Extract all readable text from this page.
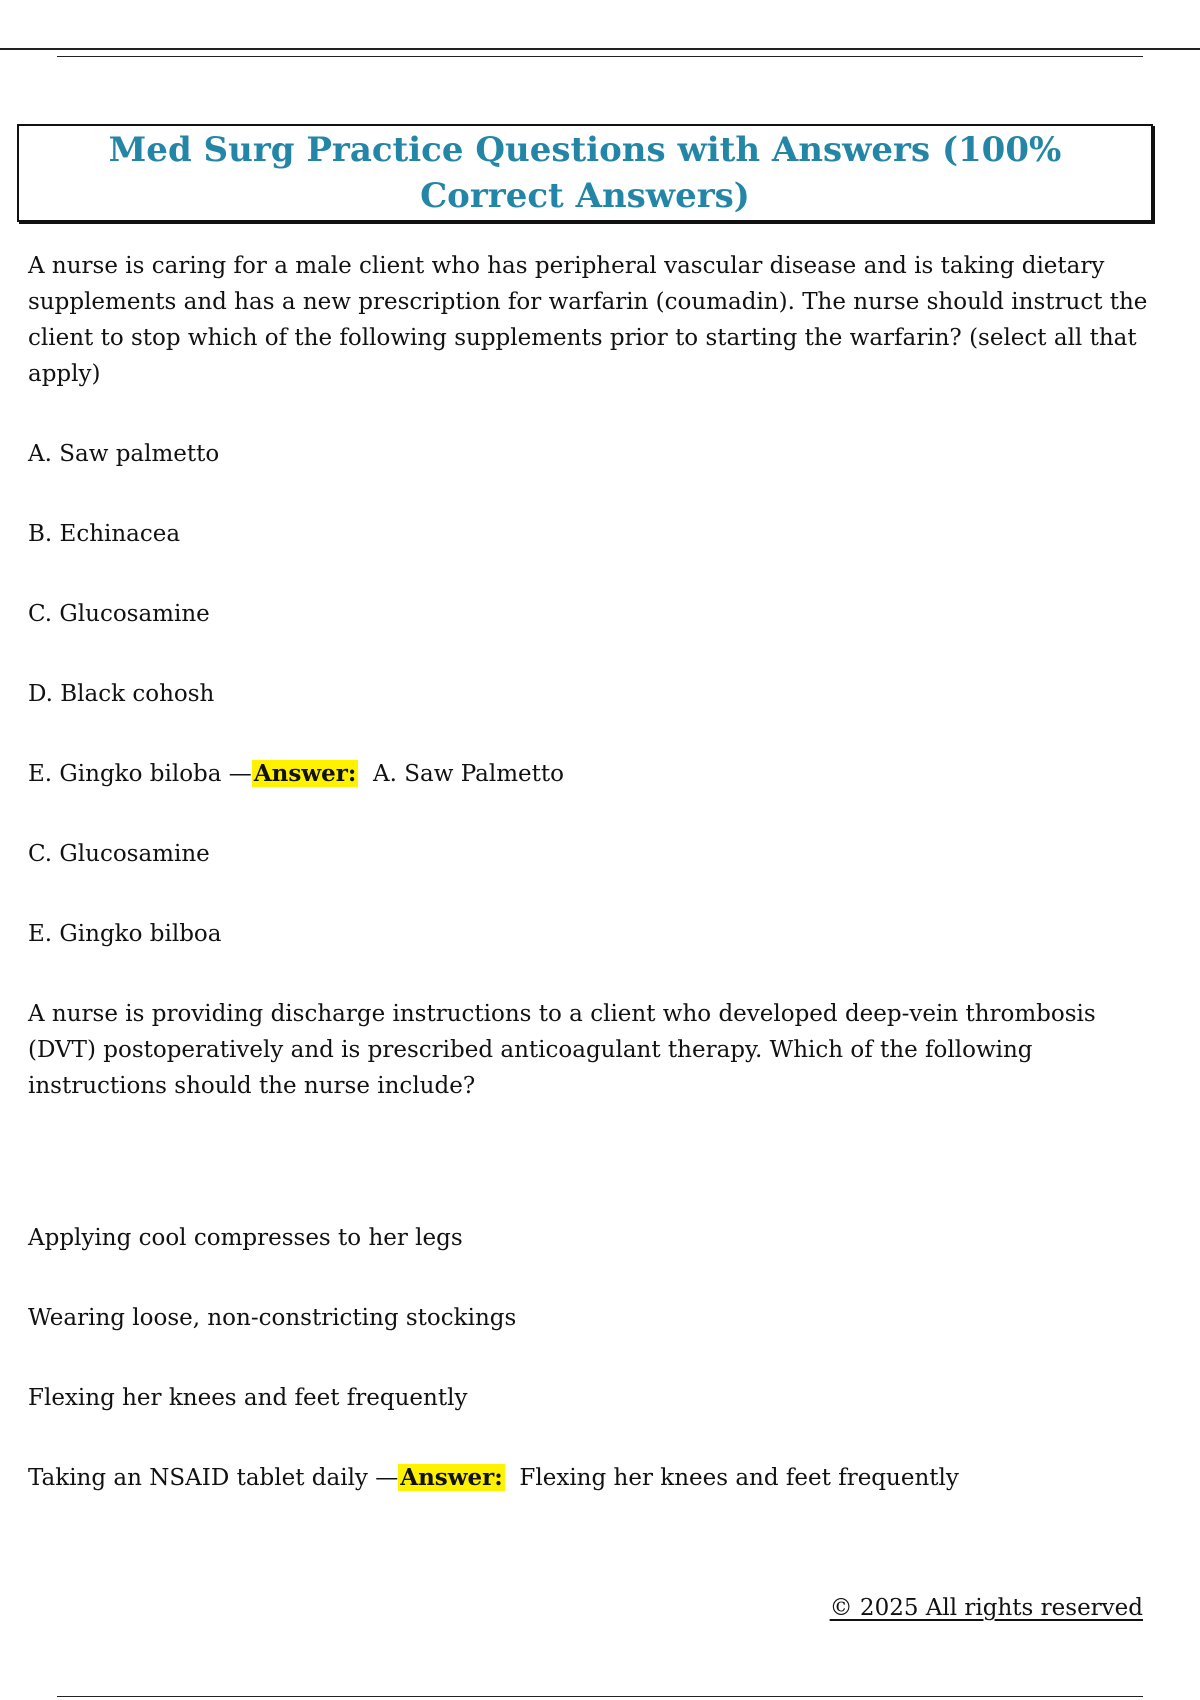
Med Surg Practice Questions with Answers (100% Correct Answers)

A nurse is caring for a male client who has peripheral vascular disease and is taking dietary supplements and has a new prescription for warfarin (coumadin). The nurse should instruct the client to stop which of the following supplements prior to starting the warfarin? (select all that apply)

A. Saw palmetto

B. Echinacea

C. Glucosamine

D. Black cohosh

E. Gingko biloba —Answer: A. Saw Palmetto

C. Glucosamine

E. Gingko bilboa

A nurse is providing discharge instructions to a client who developed deep-vein thrombosis (DVT) postoperatively and is prescribed anticoagulant therapy. Which of the following instructions should the nurse include?

Applying cool compresses to her legs

Wearing loose, non-constricting stockings

Flexing her knees and feet frequently

Taking an NSAID tablet daily —Answer: Flexing her knees and feet frequently

© 2025 All rights reserved
